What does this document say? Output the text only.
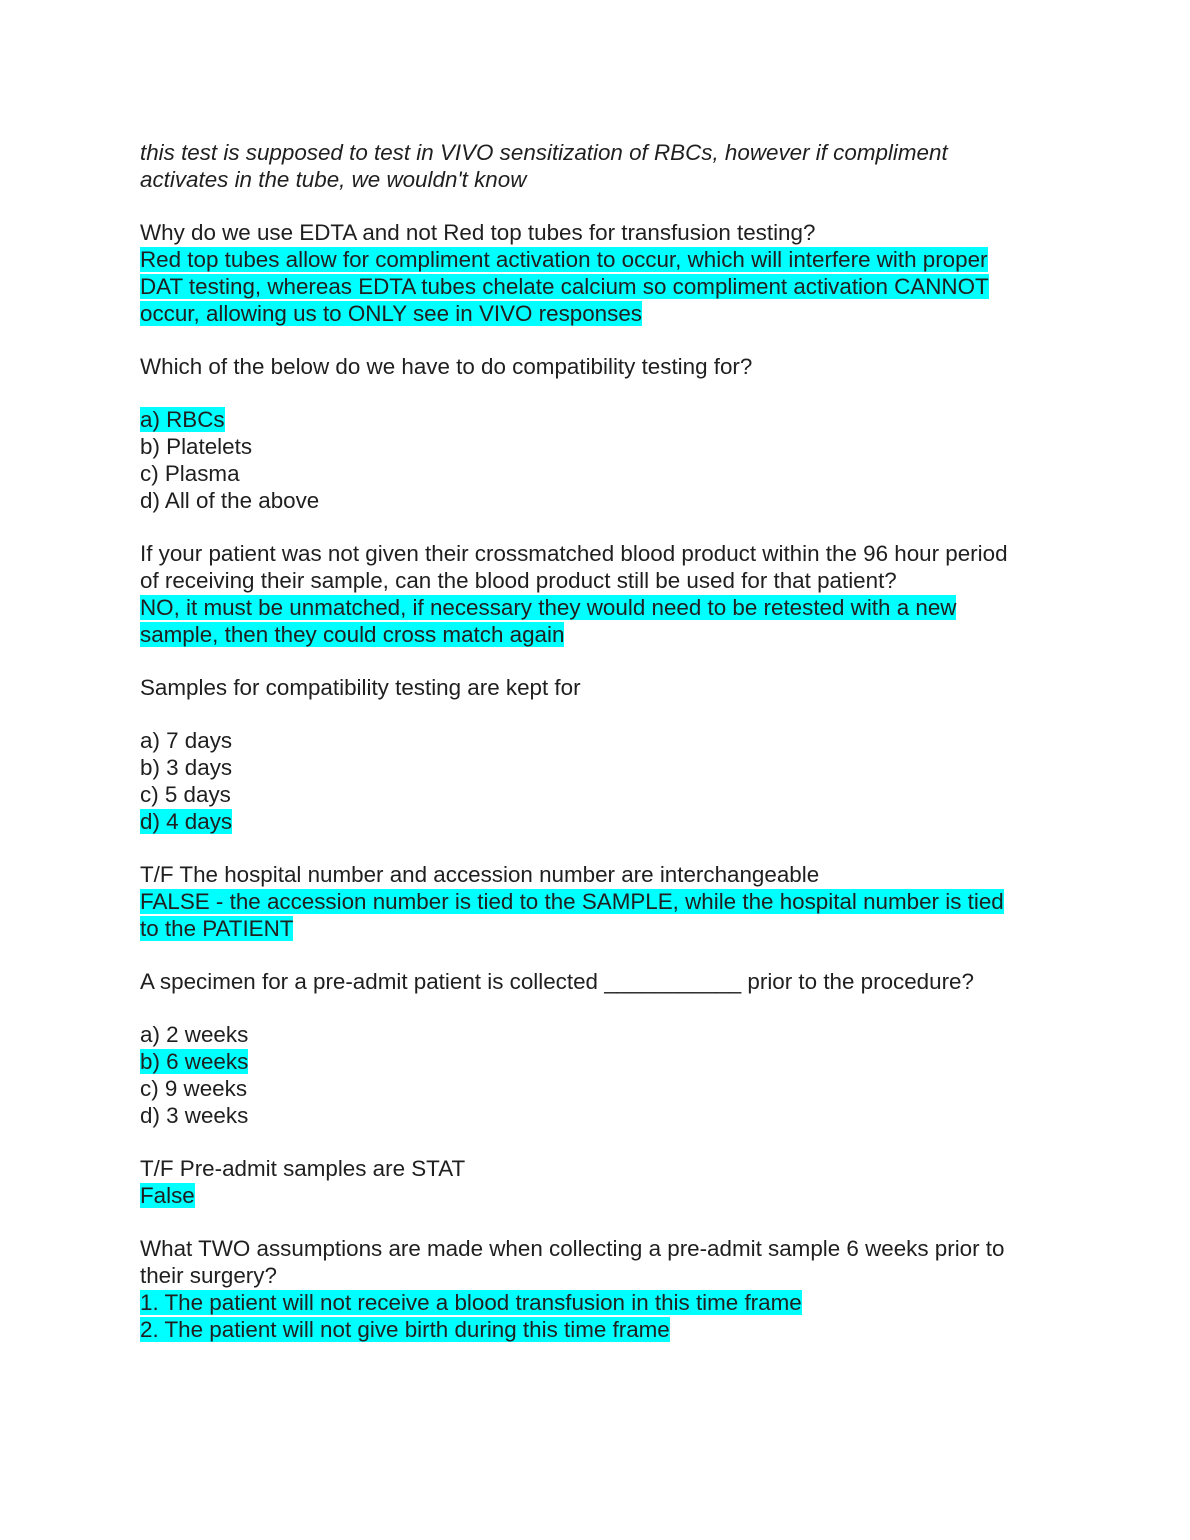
this test is supposed to test in VIVO sensitization of RBCs, however if compliment
activates in the tube, we wouldn't know
Why do we use EDTA and not Red top tubes for transfusion testing?
Red top tubes allow for compliment activation to occur, which will interfere with proper
DAT testing, whereas EDTA tubes chelate calcium so compliment activation CANNOT
occur, allowing us to ONLY see in VIVO responses
Which of the below do we have to do compatibility testing for?
a) RBCs
b) Platelets
c) Plasma
d) All of the above
If your patient was not given their crossmatched blood product within the 96 hour period
of receiving their sample, can the blood product still be used for that patient?
NO, it must be unmatched, if necessary they would need to be retested with a new
sample, then they could cross match again
Samples for compatibility testing are kept for
a) 7 days
b) 3 days
c) 5 days
d) 4 days
T/F The hospital number and accession number are interchangeable
FALSE - the accession number is tied to the SAMPLE, while the hospital number is tied
to the PATIENT
A specimen for a pre-admit patient is collected ___________ prior to the procedure?
a) 2 weeks
b) 6 weeks
c) 9 weeks
d) 3 weeks
T/F Pre-admit samples are STAT
False
What TWO assumptions are made when collecting a pre-admit sample 6 weeks prior to
their surgery?
1. The patient will not receive a blood transfusion in this time frame
2. The patient will not give birth during this time frame
